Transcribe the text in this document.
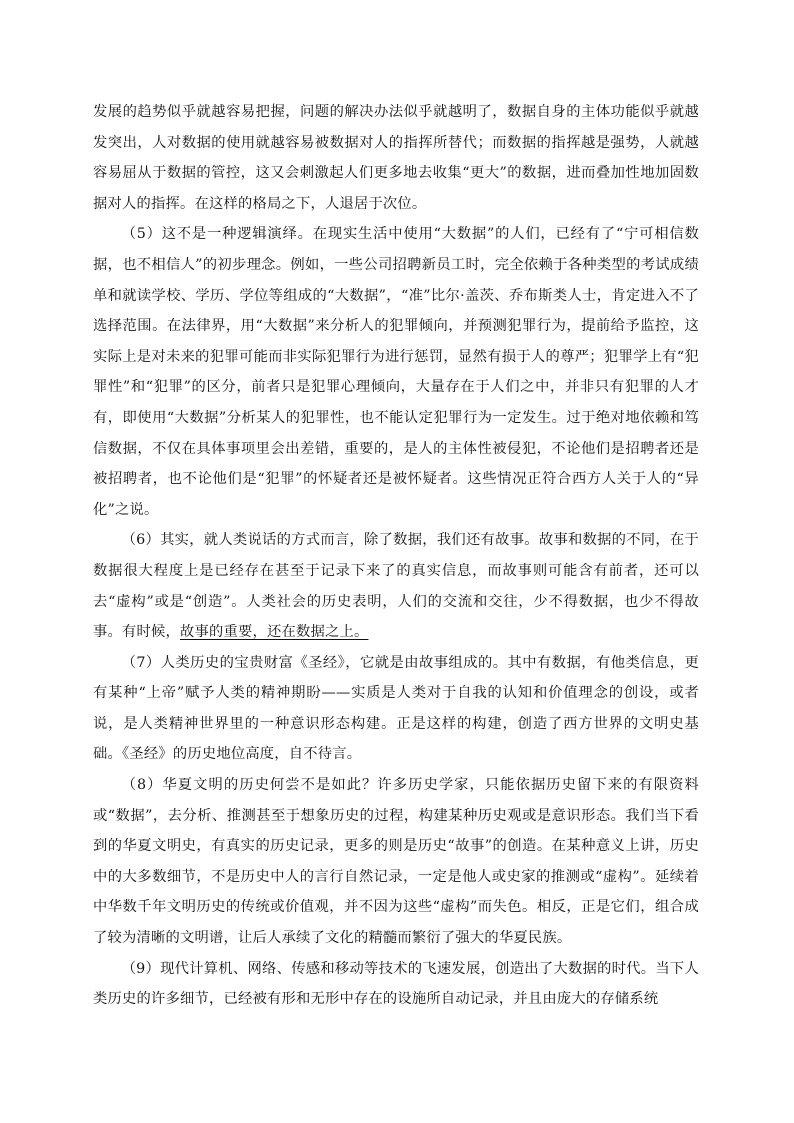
发展的趋势似乎就越容易把握，问题的解决办法似乎就越明了，数据自身的主体功能似乎就越发突出，人对数据的使用就越容易被数据对人的指挥所替代；而数据的指挥越是强势，人就越容易屈从于数据的管控，这又会刺激起人们更多地去收集“更大”的数据，进而叠加性地加固数据对人的指挥。在这样的格局之下，人退居于次位。

（5）这不是一种逻辑演绎。在现实生活中使用“大数据”的人们，已经有了“宁可相信数据，也不相信人”的初步理念。例如，一些公司招聘新员工时，完全依赖于各种类型的考试成绩单和就读学校、学历、学位等组成的“大数据”，“准”比尔·盖茨、乔布斯类人士，肯定进入不了选择范围。在法律界，用“大数据”来分析人的犯罪倾向，并预测犯罪行为，提前给予监控，这实际上是对未来的犯罪可能而非实际犯罪行为进行惩罚，显然有损于人的尊严；犯罪学上有“犯罪性”和“犯罪”的区分，前者只是犯罪心理倾向，大量存在于人们之中，并非只有犯罪的人才有，即使用“大数据”分析某人的犯罪性，也不能认定犯罪行为一定发生。过于绝对地依赖和笃信数据，不仅在具体事项里会出差错，重要的，是人的主体性被侵犯，不论他们是招聘者还是被招聘者，也不论他们是“犯罪”的怀疑者还是被怀疑者。这些情况正符合西方人关于人的“异化”之说。

（6）其实，就人类说话的方式而言，除了数据，我们还有故事。故事和数据的不同，在于数据很大程度上是已经存在甚至于记录下来了的真实信息，而故事则可能含有前者，还可以去“虚构”或是“创造”。人类社会的历史表明，人们的交流和交往，少不得数据，也少不得故事。有时候，故事的重要，还在数据之上。

（7）人类历史的宝贵财富《圣经》，它就是由故事组成的。其中有数据，有他类信息，更有某种“上帝”赋予人类的精神期盼——实质是人类对于自我的认知和价值理念的创设，或者说，是人类精神世界里的一种意识形态构建。正是这样的构建，创造了西方世界的文明史基础。《圣经》的历史地位高度，自不待言。

（8）华夏文明的历史何尝不是如此？许多历史学家，只能依据历史留下来的有限资料或“数据”，去分析、推测甚至于想象历史的过程，构建某种历史观或是意识形态。我们当下看到的华夏文明史，有真实的历史记录，更多的则是历史“故事”的创造。在某种意义上讲，历史中的大多数细节，不是历史中人的言行自然记录，一定是他人或史家的推测或“虚构”。延续着中华数千年文明历史的传统或价值观，并不因为这些“虚构”而失色。相反，正是它们，组合成了较为清晰的文明谱，让后人承续了文化的精髓而繁衍了强大的华夏民族。

（9）现代计算机、网络、传感和移动等技术的飞速发展，创造出了大数据的时代。当下人类历史的许多细节，已经被有形和无形中存在的设施所自动记录，并且由庞大的存储系统
